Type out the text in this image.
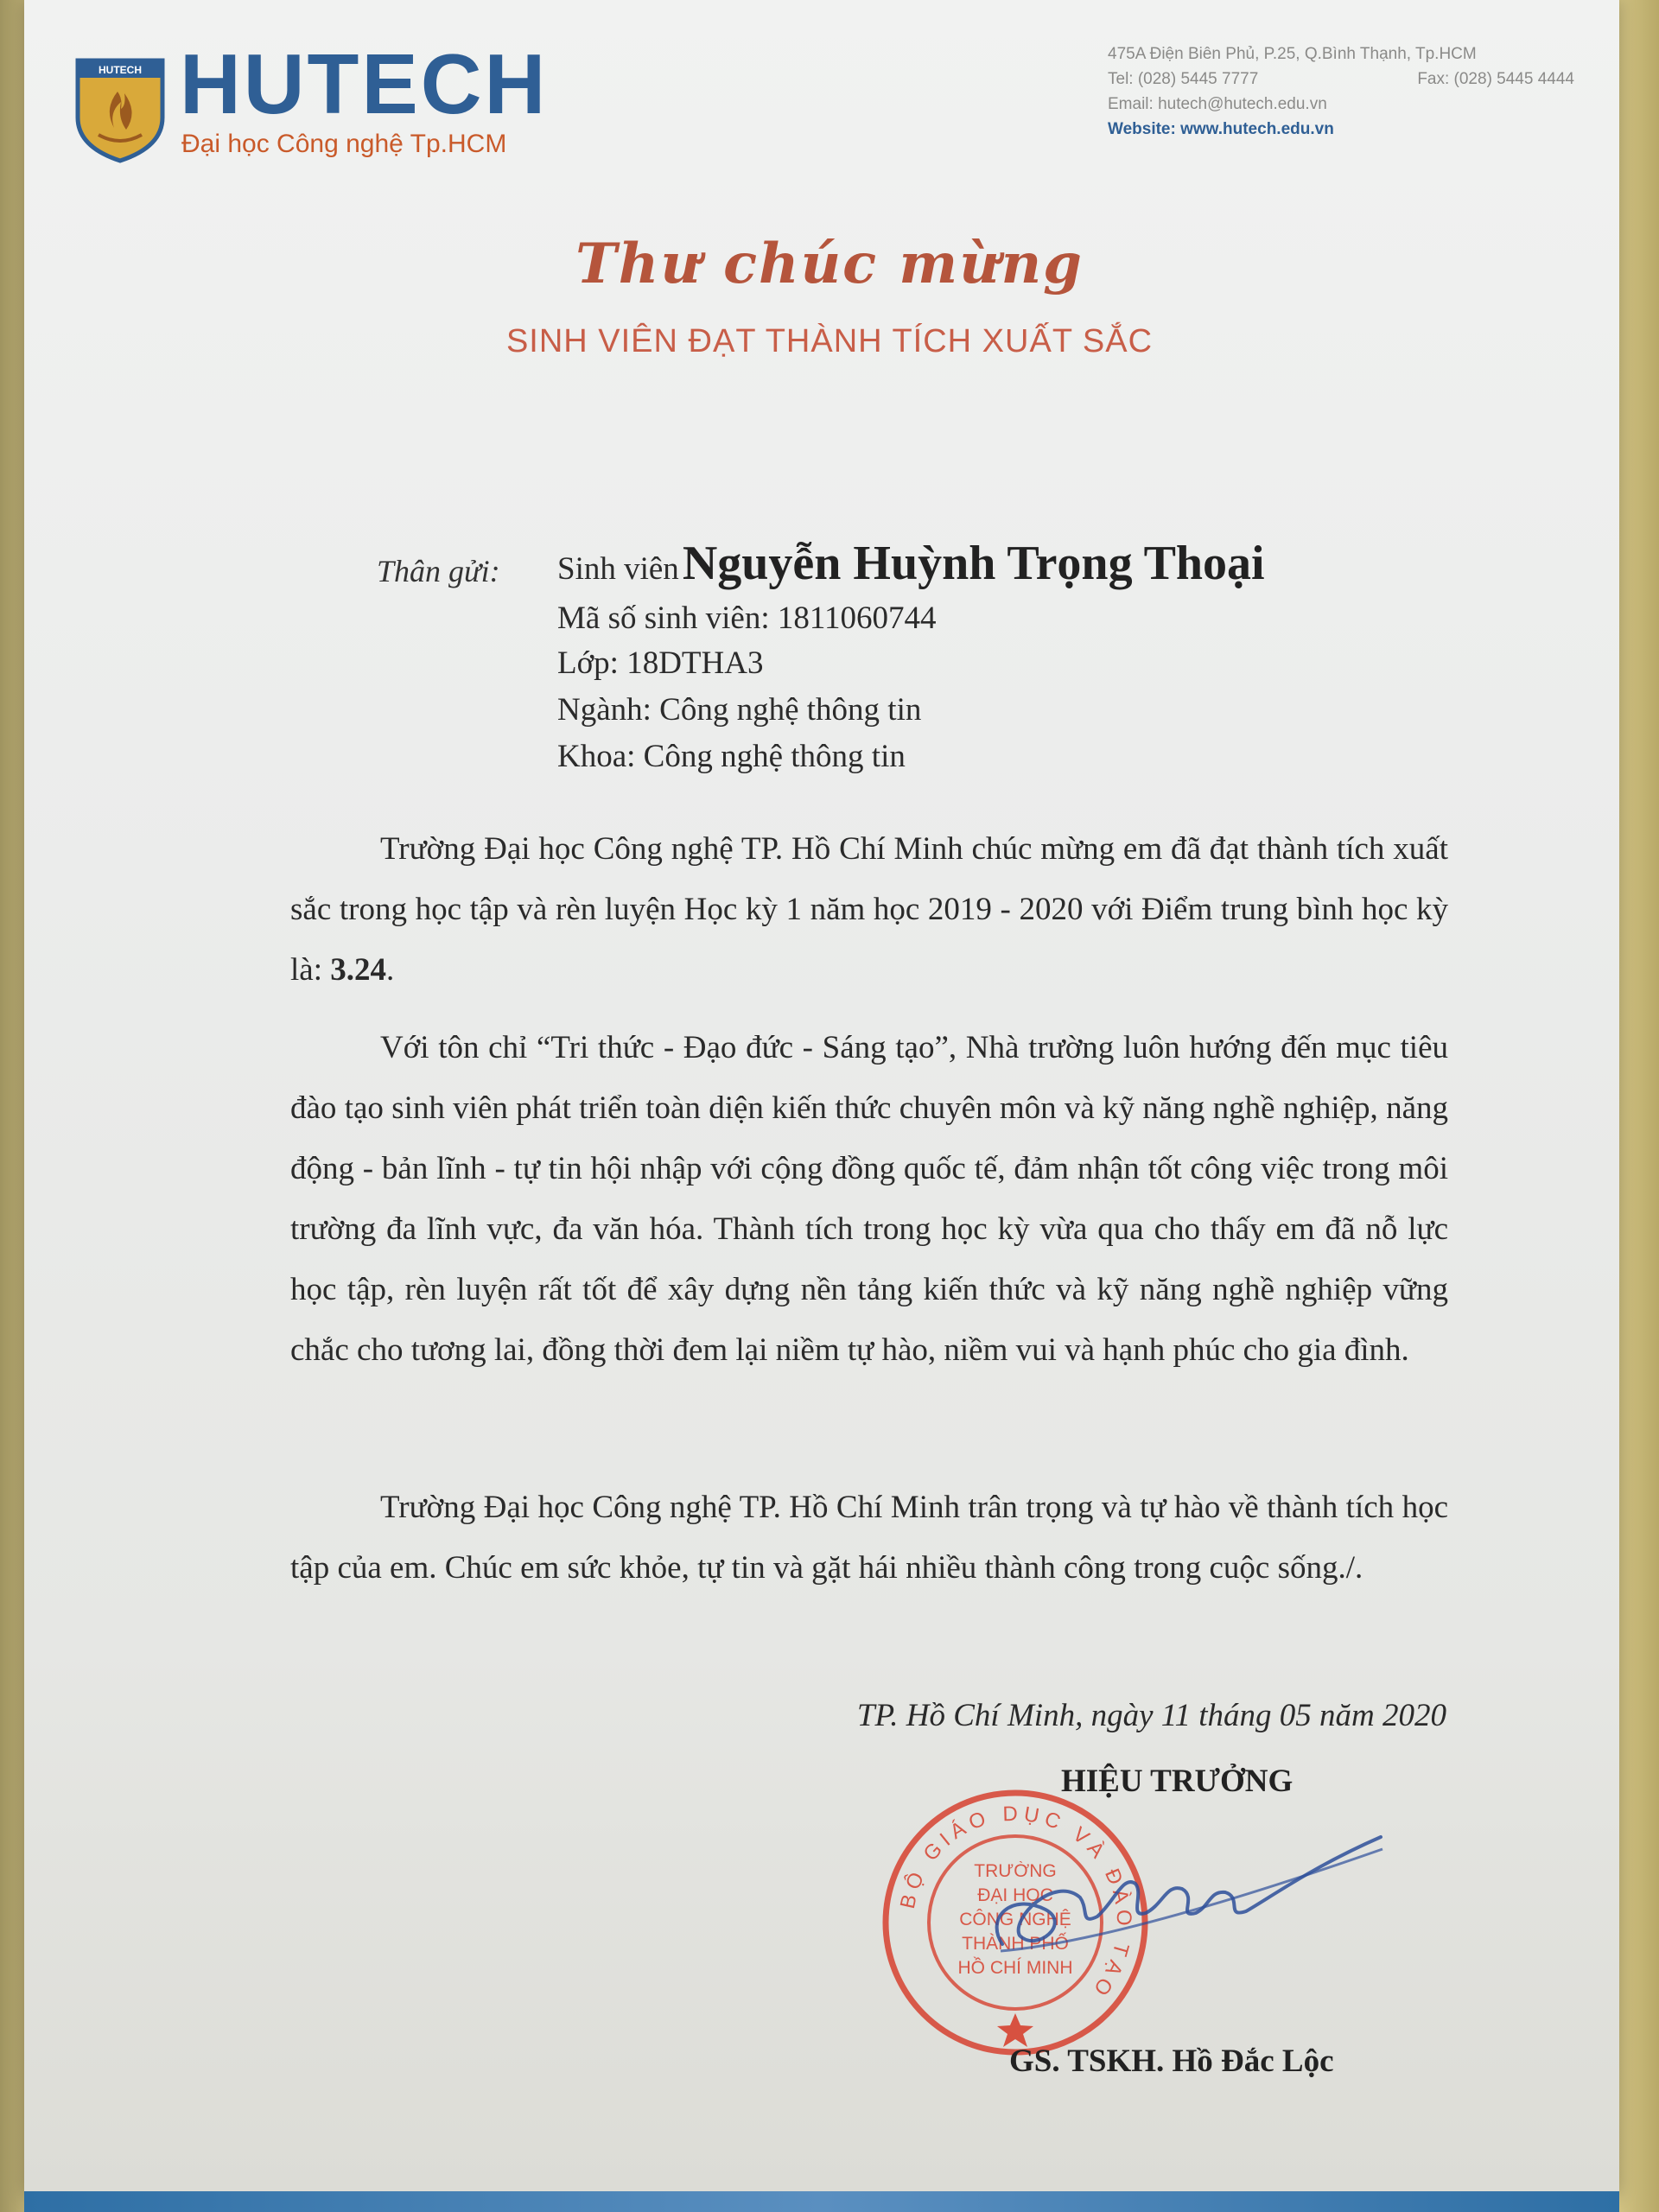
HUTECH HUTECH
Đại học Công nghệ Tp.HCM
475A Điện Biên Phủ, P.25, Q.Bình Thạnh, Tp.HCM
Tel: (028) 5445 7777	Fax: (028) 5445 4444
Email: hutech@hutech.edu.vn
Website: www.hutech.edu.vn
Thư chúc mừng
SINH VIÊN ĐẠT THÀNH TÍCH XUẤT SẮC
Thân gửi: Sinh viên Nguyễn Huỳnh Trọng Thoại
Mã số sinh viên: 1811060744
Lớp: 18DTHA3
Ngành: Công nghệ thông tin
Khoa: Công nghệ thông tin

Trường Đại học Công nghệ TP. Hồ Chí Minh chúc mừng em đã đạt thành tích xuất sắc trong học tập và rèn luyện Học kỳ 1 năm học 2019 - 2020 với Điểm trung bình học kỳ là: 3.24.

Với tôn chỉ “Tri thức - Đạo đức - Sáng tạo”, Nhà trường luôn hướng đến mục tiêu đào tạo sinh viên phát triển toàn diện kiến thức chuyên môn và kỹ năng nghề nghiệp, năng động - bản lĩnh - tự tin hội nhập với cộng đồng quốc tế, đảm nhận tốt công việc trong môi trường đa lĩnh vực, đa văn hóa. Thành tích trong học kỳ vừa qua cho thấy em đã nỗ lực học tập, rèn luyện rất tốt để xây dựng nền tảng kiến thức và kỹ năng nghề nghiệp vững chắc cho tương lai, đồng thời đem lại niềm tự hào, niềm vui và hạnh phúc cho gia đình.

Trường Đại học Công nghệ TP. Hồ Chí Minh trân trọng và tự hào về thành tích học tập của em. Chúc em sức khỏe, tự tin và gặt hái nhiều thành công trong cuộc sống./.

TP. Hồ Chí Minh, ngày 11 tháng 05 năm 2020
HIỆU TRƯỞNG
BỘ GIÁO DỤC VÀ ĐÀO TẠO
TRƯỜNG
ĐẠI HỌC
CÔNG NGHỆ
THÀNH PHỐ
HỒ CHÍ MINH
GS. TSKH. Hồ Đắc Lộc
